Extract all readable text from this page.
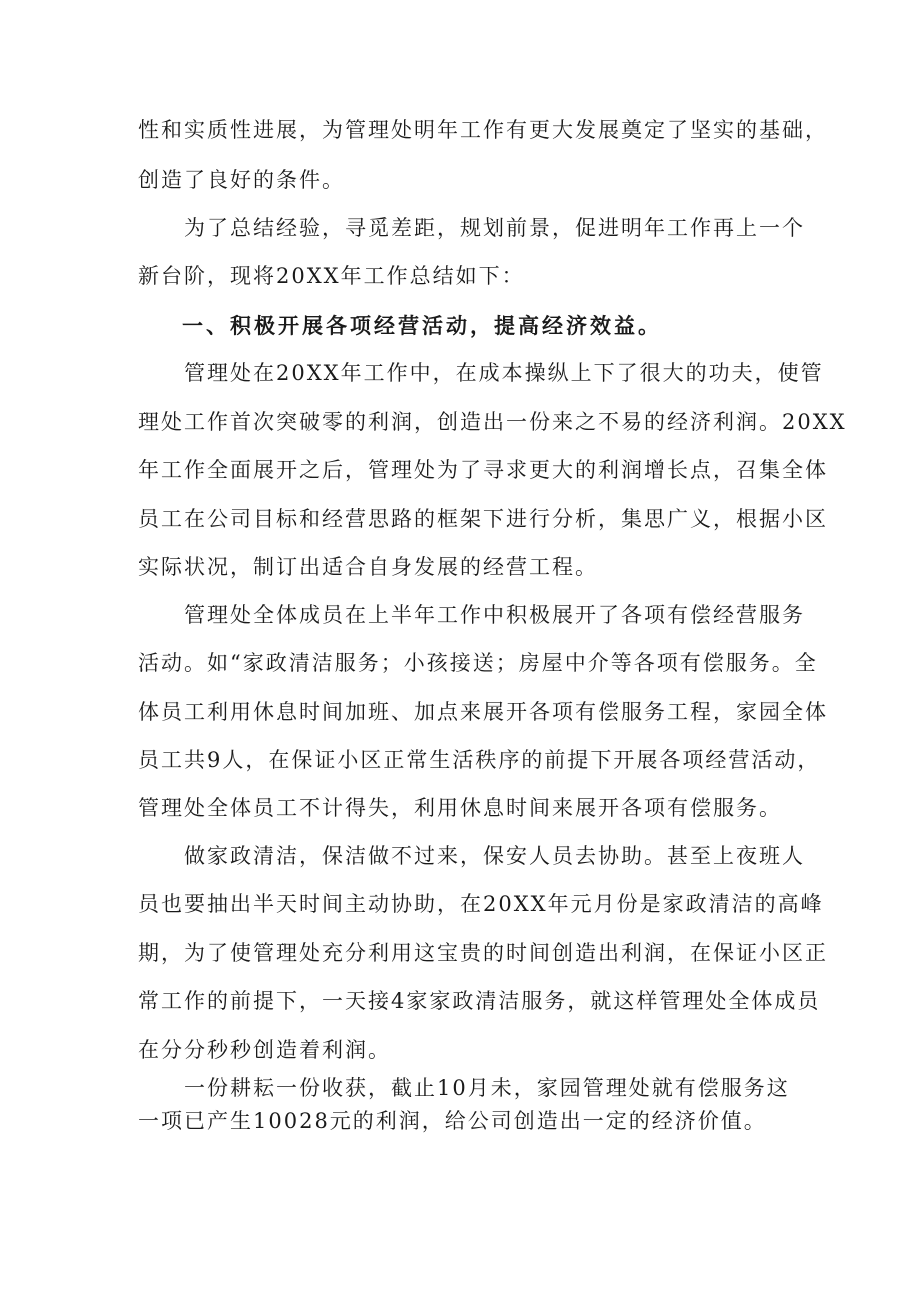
性和实质性进展，为管理处明年工作有更大发展奠定了坚实的基础，
创造了良好的条件。
为了总结经验，寻觅差距，规划前景，促进明年工作再上一个
新台阶，现将20XX年工作总结如下：
一、积极开展各项经营活动，提高经济效益。
管理处在20XX年工作中，在成本操纵上下了很大的功夫，使管
理处工作首次突破零的利润，创造出一份来之不易的经济利润。20XX
年工作全面展开之后，管理处为了寻求更大的利润增长点，召集全体
员工在公司目标和经营思路的框架下进行分析，集思广义，根据小区
实际状况，制订出适合自身发展的经营工程。
管理处全体成员在上半年工作中积极展开了各项有偿经营服务
活动。如“家政清洁服务；小孩接送；房屋中介等各项有偿服务。全
体员工利用休息时间加班、加点来展开各项有偿服务工程，家园全体
员工共9人，在保证小区正常生活秩序的前提下开展各项经营活动，
管理处全体员工不计得失，利用休息时间来展开各项有偿服务。
做家政清洁，保洁做不过来，保安人员去协助。甚至上夜班人
员也要抽出半天时间主动协助，在20XX年元月份是家政清洁的高峰
期，为了使管理处充分利用这宝贵的时间创造出利润，在保证小区正
常工作的前提下，一天接4家家政清洁服务，就这样管理处全体成员
在分分秒秒创造着利润。
一份耕耘一份收获，截止10月未，家园管理处就有偿服务这
一项已产生10028元的利润，给公司创造出一定的经济价值。
